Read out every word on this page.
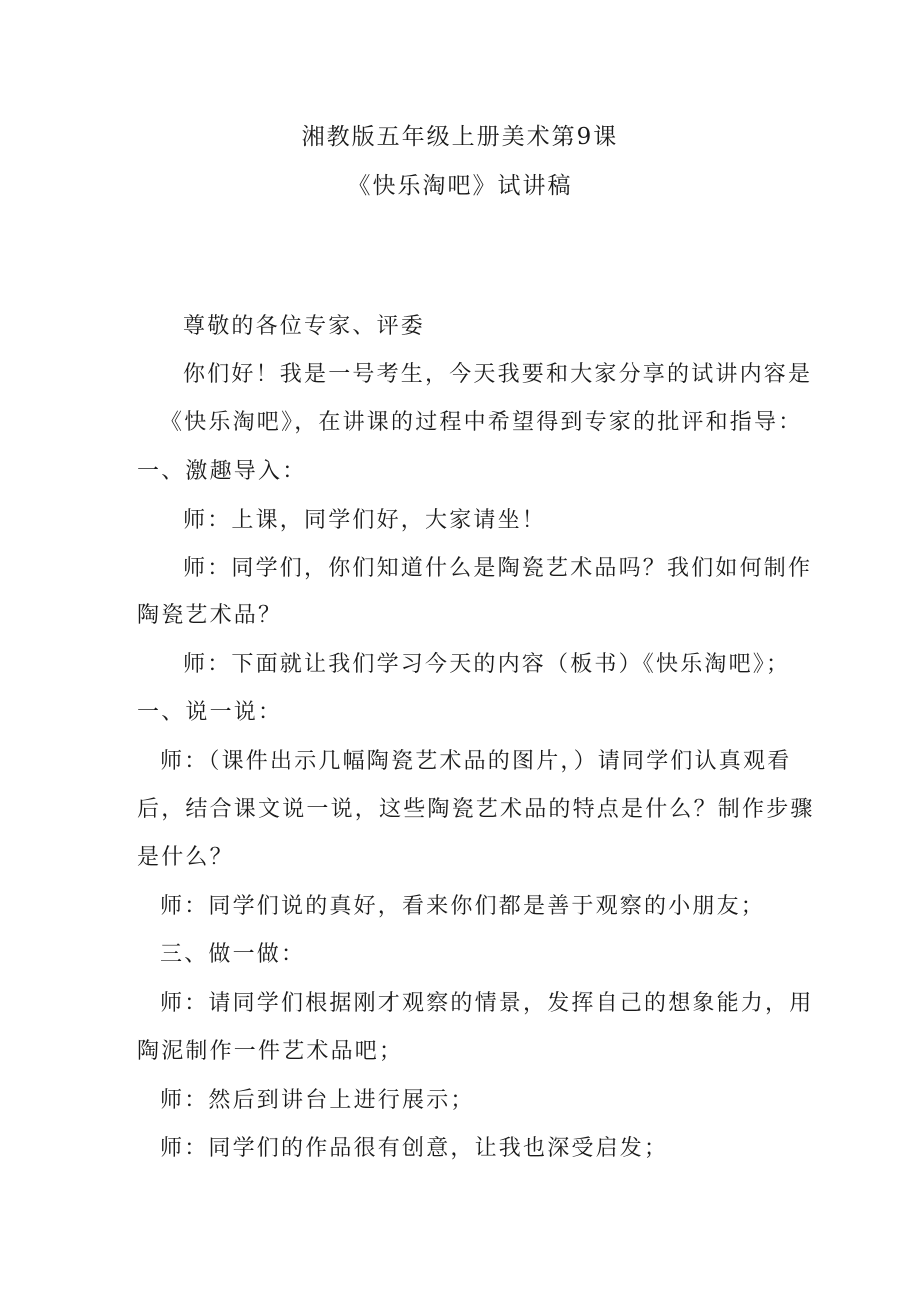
湘教版五年级上册美术第9课
《快乐淘吧》试讲稿
尊敬的各位专家、评委
你们好！我是一号考生，今天我要和大家分享的试讲内容是
《快乐淘吧》，在讲课的过程中希望得到专家的批评和指导：
一、激趣导入：
师：上课，同学们好，大家请坐！
师：同学们，你们知道什么是陶瓷艺术品吗？我们如何制作
陶瓷艺术品？
师：下面就让我们学习今天的内容（板书）《快乐淘吧》；
一、说一说：
师：（课件出示几幅陶瓷艺术品的图片，）请同学们认真观看
后，结合课文说一说，这些陶瓷艺术品的特点是什么？制作步骤
是什么？
师：同学们说的真好，看来你们都是善于观察的小朋友；
三、做一做：
师：请同学们根据刚才观察的情景，发挥自己的想象能力，用
陶泥制作一件艺术品吧；
师：然后到讲台上进行展示；
师：同学们的作品很有创意，让我也深受启发；
